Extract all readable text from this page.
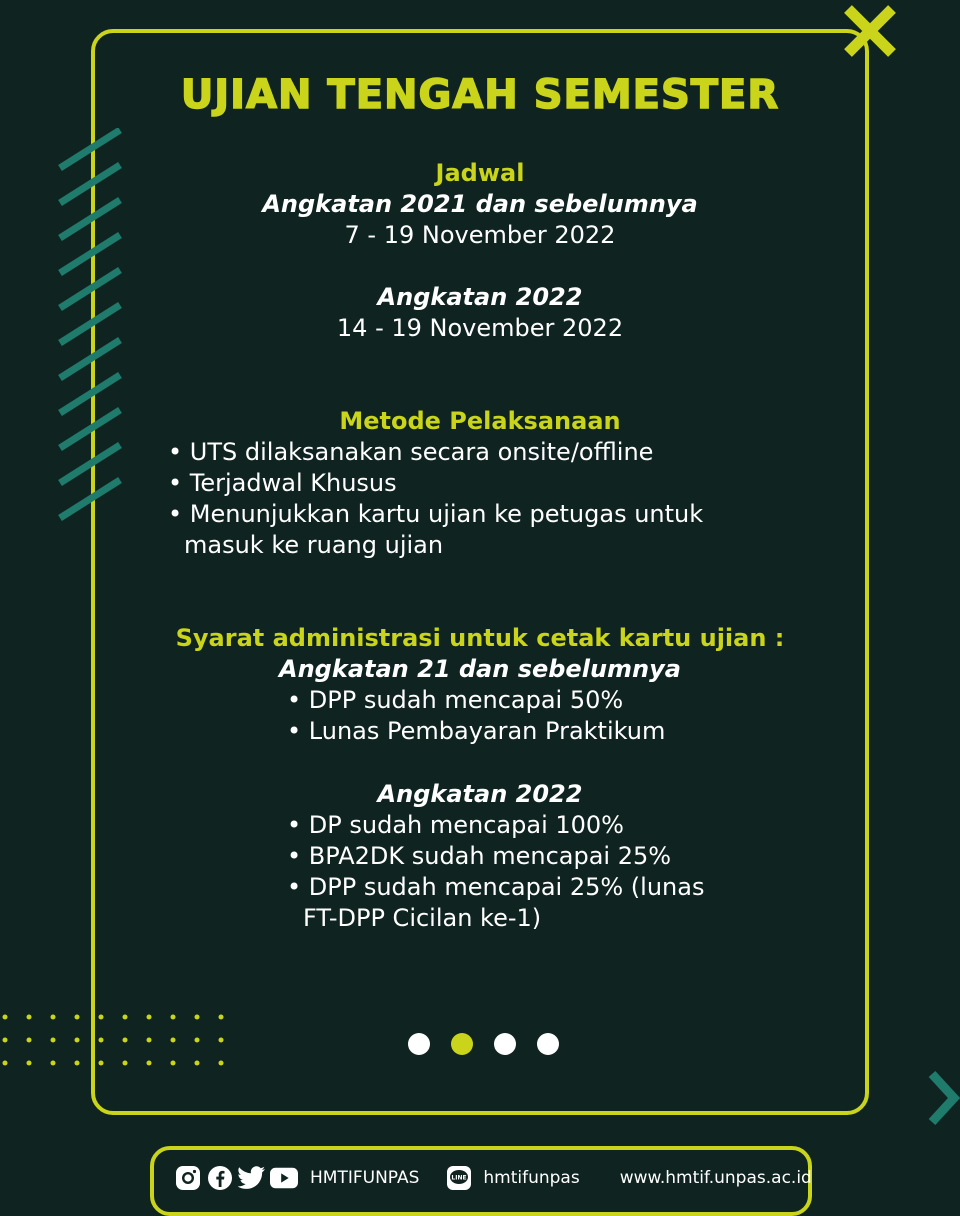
UJIAN TENGAH SEMESTER
Jadwal
Angkatan 2021 dan sebelumnya
7 - 19 November 2022
Angkatan 2022
14 - 19 November 2022
Metode Pelaksanaan
• UTS dilaksanakan secara onsite/offline
• Terjadwal Khusus
• Menunjukkan kartu ujian ke petugas untuk
masuk ke ruang ujian
Syarat administrasi untuk cetak kartu ujian :
Angkatan 21 dan sebelumnya
• DPP sudah mencapai 50%
• Lunas Pembayaran Praktikum
Angkatan 2022
• DP sudah mencapai 100%
• BPA2DK sudah mencapai 25%
• DPP sudah mencapai 25% (lunas
FT-DPP Cicilan ke-1)
HMTIFUNPAS	LINE hmtifunpas www.hmtif.unpas.ac.id
